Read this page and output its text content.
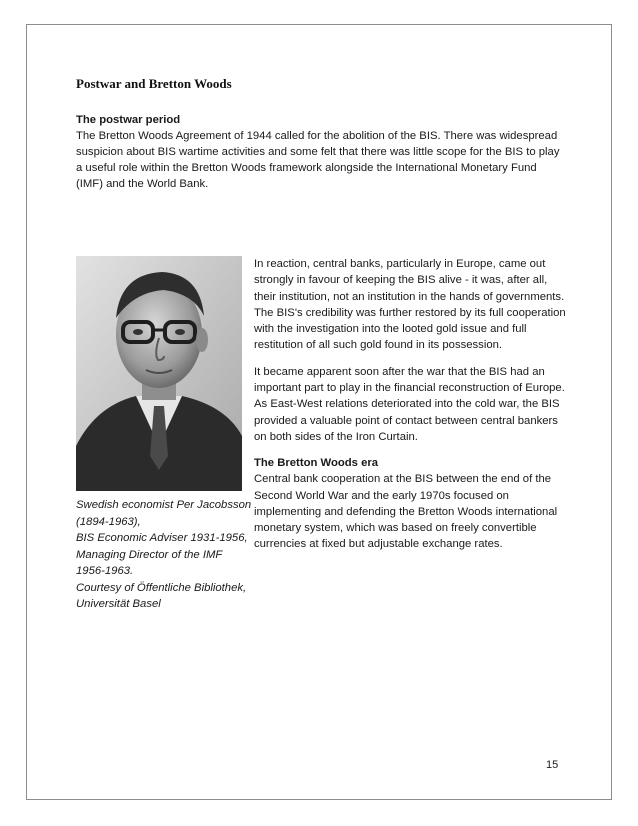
Postwar and Bretton Woods
The postwar period

The Bretton Woods Agreement of 1944 called for the abolition of the BIS. There was widespread suspicion about BIS wartime activities and some felt that there was little scope for the BIS to play a useful role within the Bretton Woods framework alongside the International Monetary Fund (IMF) and the World Bank.

Swedish economist Per Jacobsson
(1894-1963),
BIS Economic Adviser 1931-1956,
Managing Director of the IMF
1956-1963.
Courtesy of Öffentliche Bibliothek,
Universität Basel

In reaction, central banks, particularly in Europe, came out strongly in favour of keeping the BIS alive - it was, after all, their institution, not an institution in the hands of governments. The BIS's credibility was further restored by its full cooperation with the investigation into the looted gold issue and full restitution of all such gold found in its possession.

It became apparent soon after the war that the BIS had an important part to play in the financial reconstruction of Europe. As East-West relations deteriorated into the cold war, the BIS provided a valuable point of contact between central bankers on both sides of the Iron Curtain.

The Bretton Woods era

Central bank cooperation at the BIS between the end of the Second World War and the early 1970s focused on implementing and defending the Bretton Woods international monetary system, which was based on freely convertible currencies at fixed but adjustable exchange rates.

15
